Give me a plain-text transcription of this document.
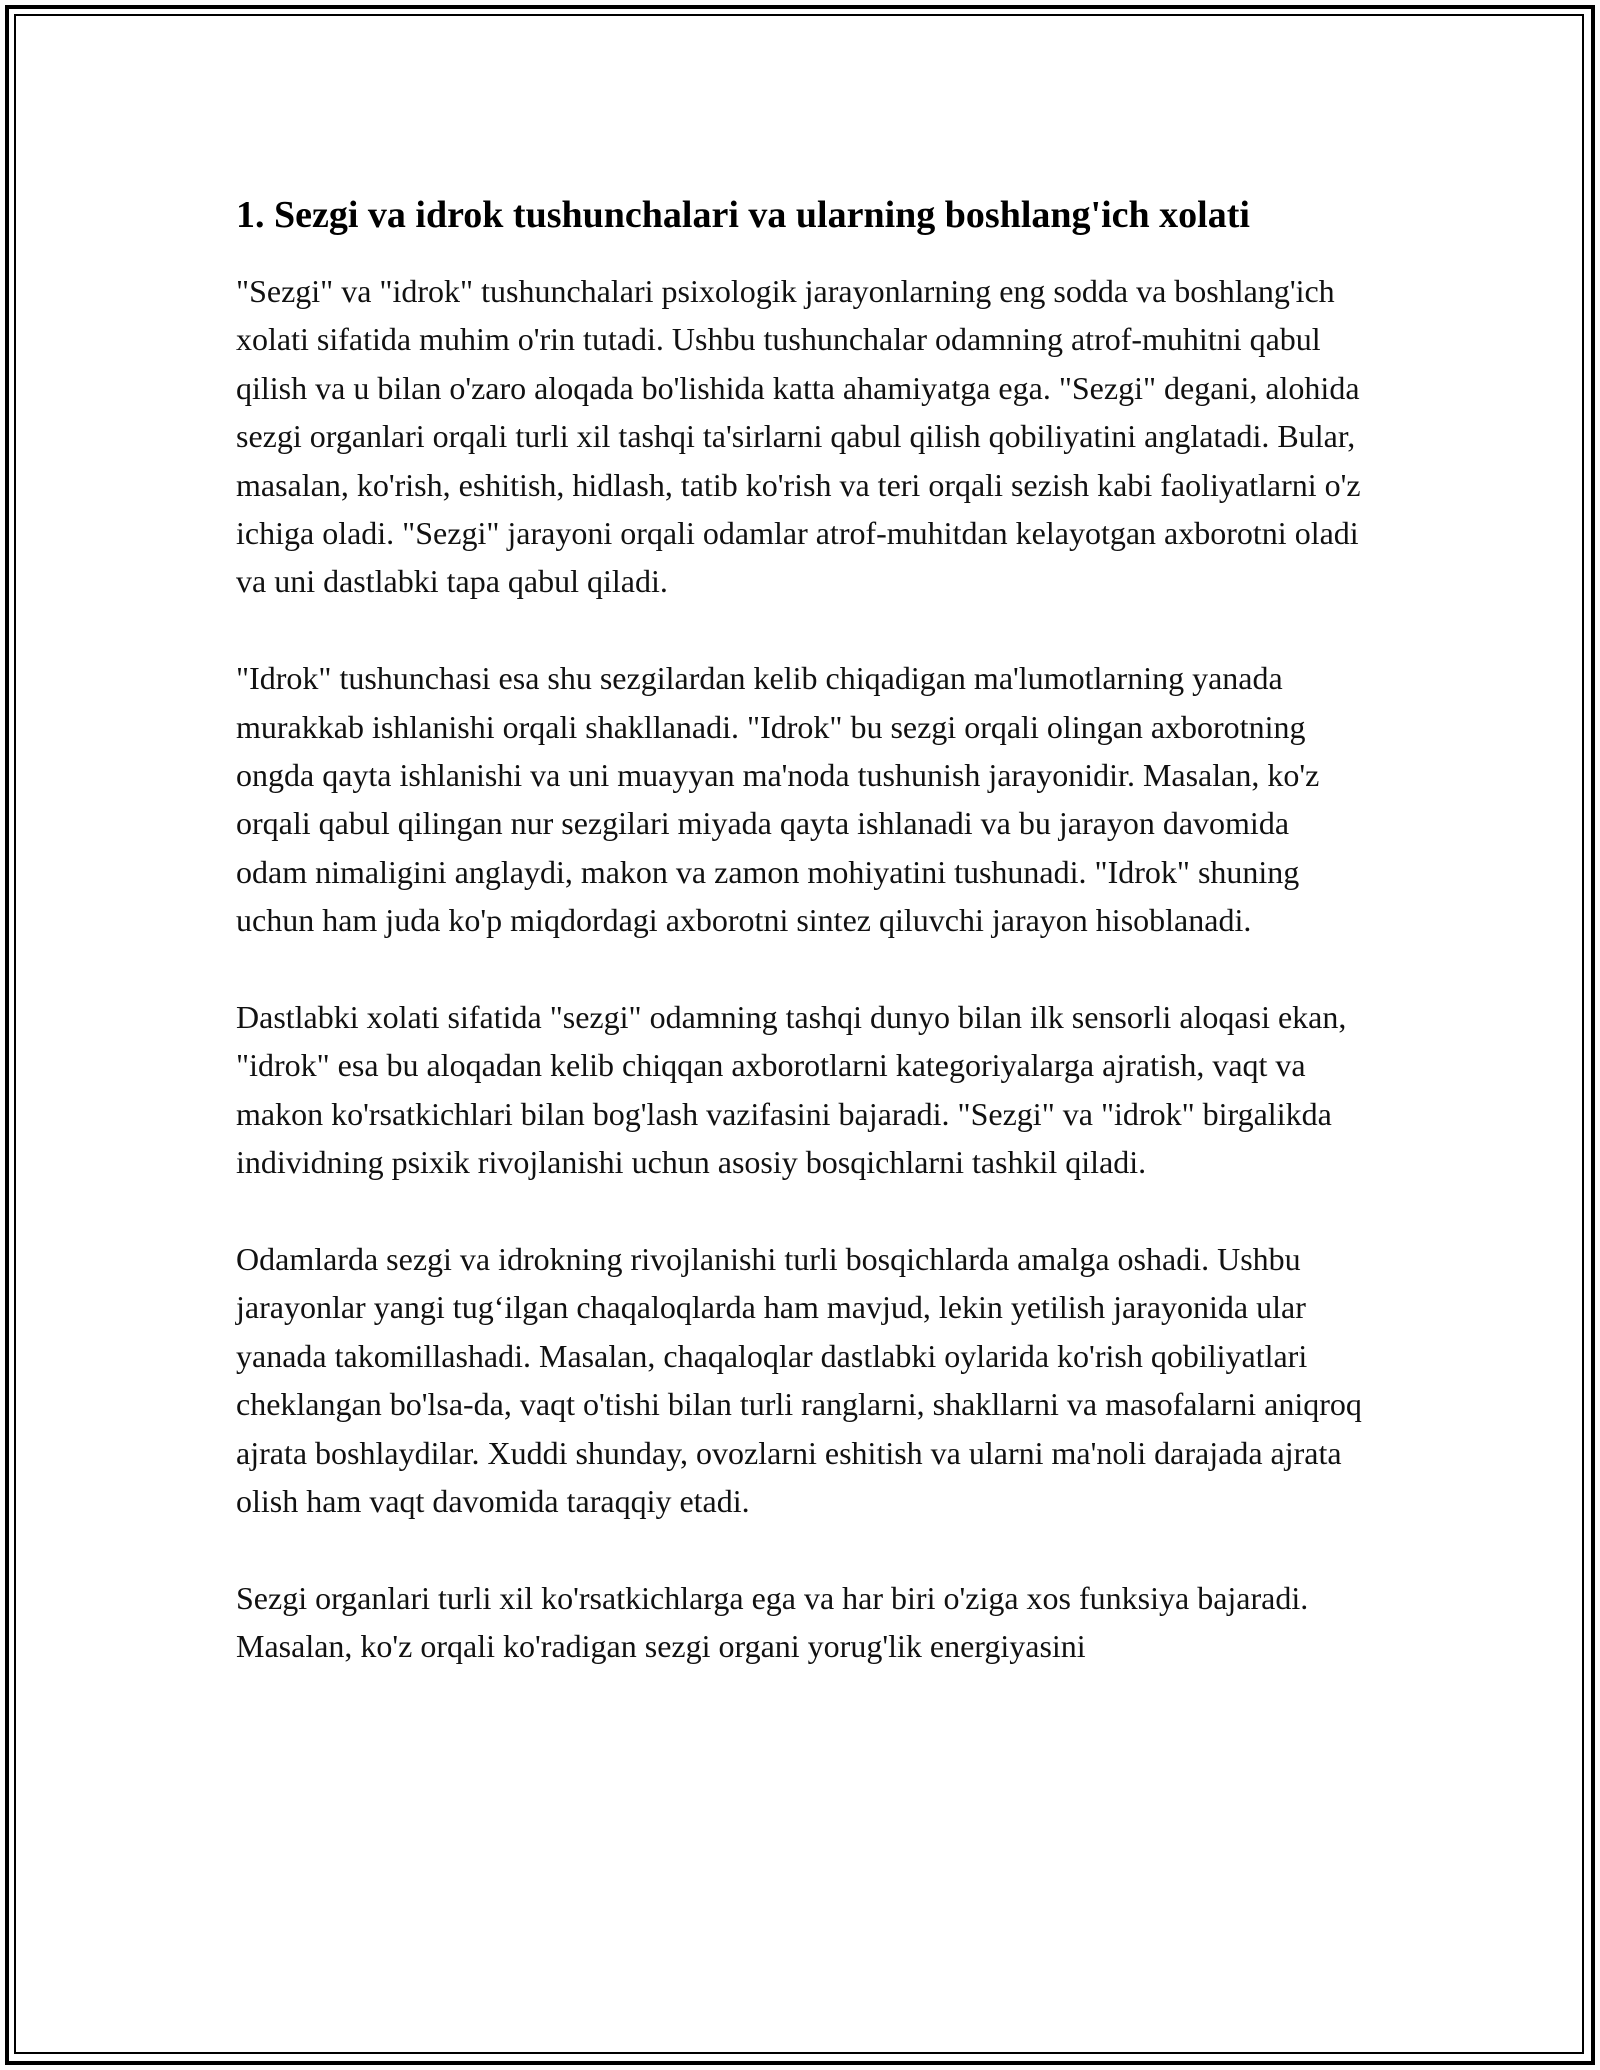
1. Sezgi va idrok tushunchalari va ularning boshlang'ich xolati

"Sezgi" va "idrok" tushunchalari psixologik jarayonlarning eng sodda va boshlang'ich xolati sifatida muhim o'rin tutadi. Ushbu tushunchalar odamning atrof-muhitni qabul qilish va u bilan o'zaro aloqada bo'lishida katta ahamiyatga ega. "Sezgi" degani, alohida sezgi organlari orqali turli xil tashqi ta'sirlarni qabul qilish qobiliyatini anglatadi. Bular, masalan, ko'rish, eshitish, hidlash, tatib ko'rish va teri orqali sezish kabi faoliyatlarni o'z ichiga oladi. "Sezgi" jarayoni orqali odamlar atrof-muhitdan kelayotgan axborotni oladi va uni dastlabki tapa qabul qiladi.

"Idrok" tushunchasi esa shu sezgilardan kelib chiqadigan ma'lumotlarning yanada murakkab ishlanishi orqali shakllanadi. "Idrok" bu sezgi orqali olingan axborotning ongda qayta ishlanishi va uni muayyan ma'noda tushunish jarayonidir. Masalan, ko'z orqali qabul qilingan nur sezgilari miyada qayta ishlanadi va bu jarayon davomida odam nimaligini anglaydi, makon va zamon mohiyatini tushunadi. "Idrok" shuning uchun ham juda ko'p miqdordagi axborotni sintez qiluvchi jarayon hisoblanadi.

Dastlabki xolati sifatida "sezgi" odamning tashqi dunyo bilan ilk sensorli aloqasi ekan, "idrok" esa bu aloqadan kelib chiqqan axborotlarni kategoriyalarga ajratish, vaqt va makon ko'rsatkichlari bilan bog'lash vazifasini bajaradi. "Sezgi" va "idrok" birgalikda individning psixik rivojlanishi uchun asosiy bosqichlarni tashkil qiladi.

Odamlarda sezgi va idrokning rivojlanishi turli bosqichlarda amalga oshadi. Ushbu jarayonlar yangi tug‘ilgan chaqaloqlarda ham mavjud, lekin yetilish jarayonida ular yanada takomillashadi. Masalan, chaqaloqlar dastlabki oylarida ko'rish qobiliyatlari cheklangan bo'lsa-da, vaqt o'tishi bilan turli ranglarni, shakllarni va masofalarni aniqroq ajrata boshlaydilar. Xuddi shunday, ovozlarni eshitish va ularni ma'noli darajada ajrata olish ham vaqt davomida taraqqiy etadi.

Sezgi organlari turli xil ko'rsatkichlarga ega va har biri o'ziga xos funksiya bajaradi. Masalan, ko'z orqali ko'radigan sezgi organi yorug'lik energiyasini
